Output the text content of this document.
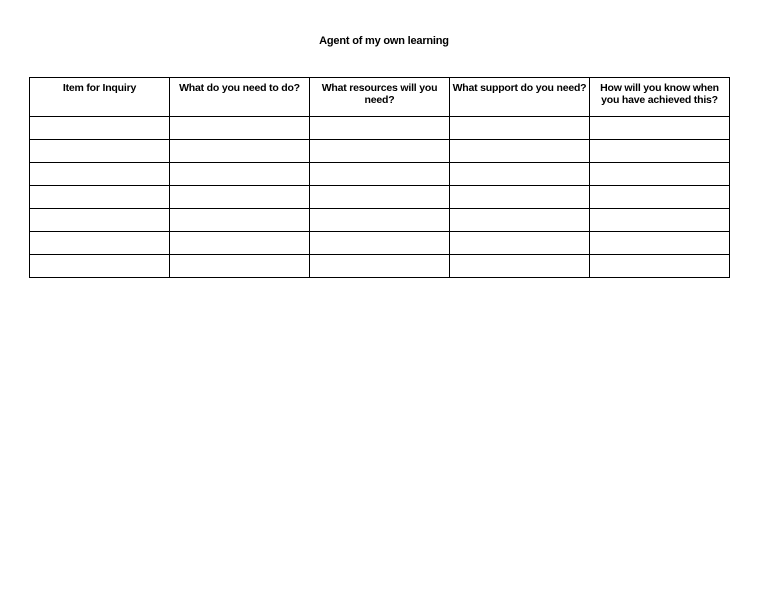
Agent of my own learning
Item for Inquiry	What do you need to do?	What resources will you need?	What support do you need?	How will you know when you have achieved this?
